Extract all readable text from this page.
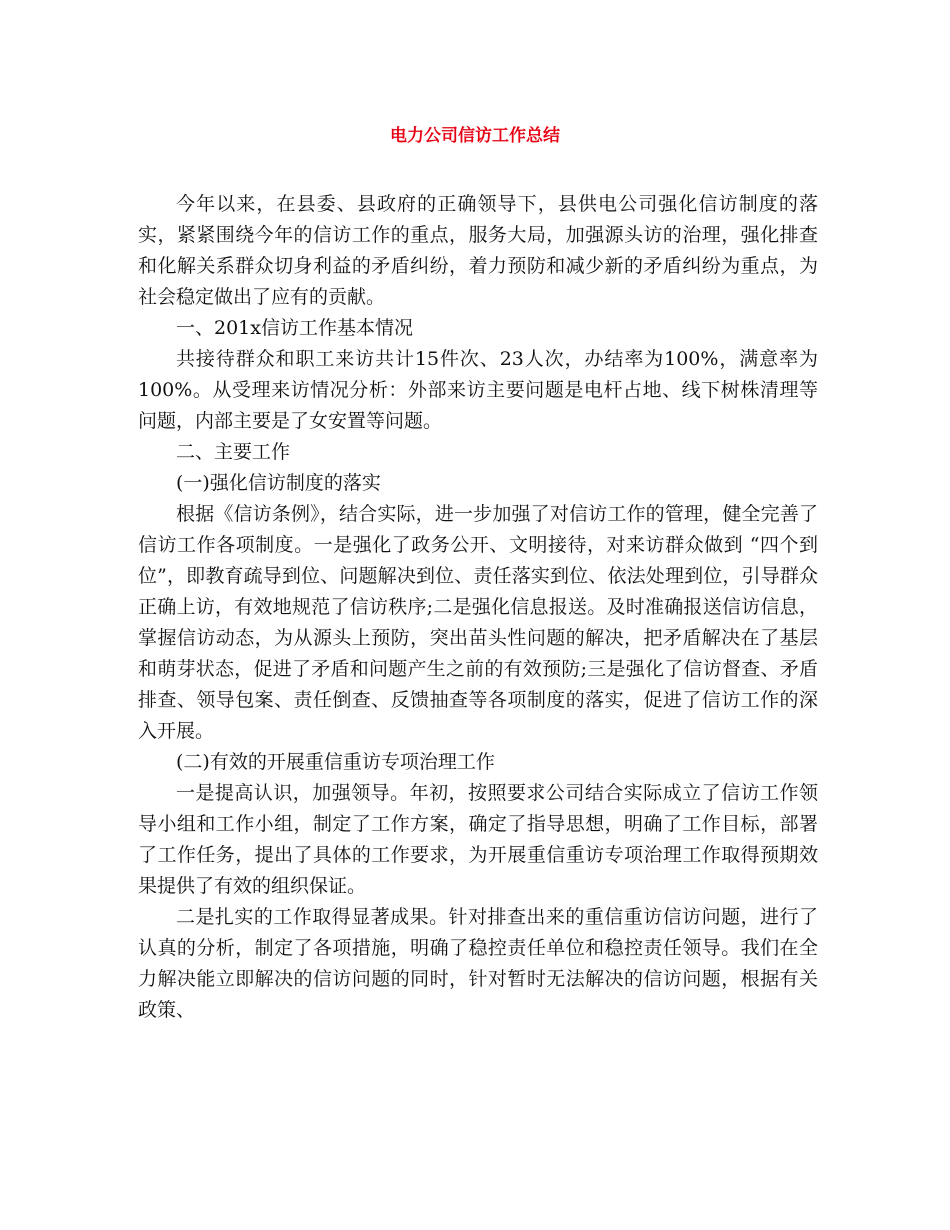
电力公司信访工作总结

今年以来，在县委、县政府的正确领导下，县供电公司强化信访制度的落实，紧紧围绕今年的信访工作的重点，服务大局，加强源头访的治理，强化排查和化解关系群众切身利益的矛盾纠纷，着力预防和减少新的矛盾纠纷为重点，为社会稳定做出了应有的贡献。

一、201x信访工作基本情况

共接待群众和职工来访共计15件次、23人次，办结率为100%，满意率为100%。从受理来访情况分析：外部来访主要问题是电杆占地、线下树株清理等问题，内部主要是了女安置等问题。

二、主要工作

(一)强化信访制度的落实

根据《信访条例》，结合实际，进一步加强了对信访工作的管理，健全完善了信访工作各项制度。一是强化了政务公开、文明接待，对来访群众做到 “四个到位”，即教育疏导到位、问题解决到位、责任落实到位、依法处理到位，引导群众正确上访，有效地规范了信访秩序;二是强化信息报送。及时准确报送信访信息，掌握信访动态，为从源头上预防，突出苗头性问题的解决，把矛盾解决在了基层和萌芽状态，促进了矛盾和问题产生之前的有效预防;三是强化了信访督查、矛盾排查、领导包案、责任倒查、反馈抽查等各项制度的落实，促进了信访工作的深入开展。

(二)有效的开展重信重访专项治理工作

一是提高认识，加强领导。年初，按照要求公司结合实际成立了信访工作领导小组和工作小组，制定了工作方案，确定了指导思想，明确了工作目标，部署了工作任务，提出了具体的工作要求，为开展重信重访专项治理工作取得预期效果提供了有效的组织保证。

二是扎实的工作取得显著成果。针对排查出来的重信重访信访问题，进行了认真的分析，制定了各项措施，明确了稳控责任单位和稳控责任领导。我们在全力解决能立即解决的信访问题的同时，针对暂时无法解决的信访问题，根据有关政策、
